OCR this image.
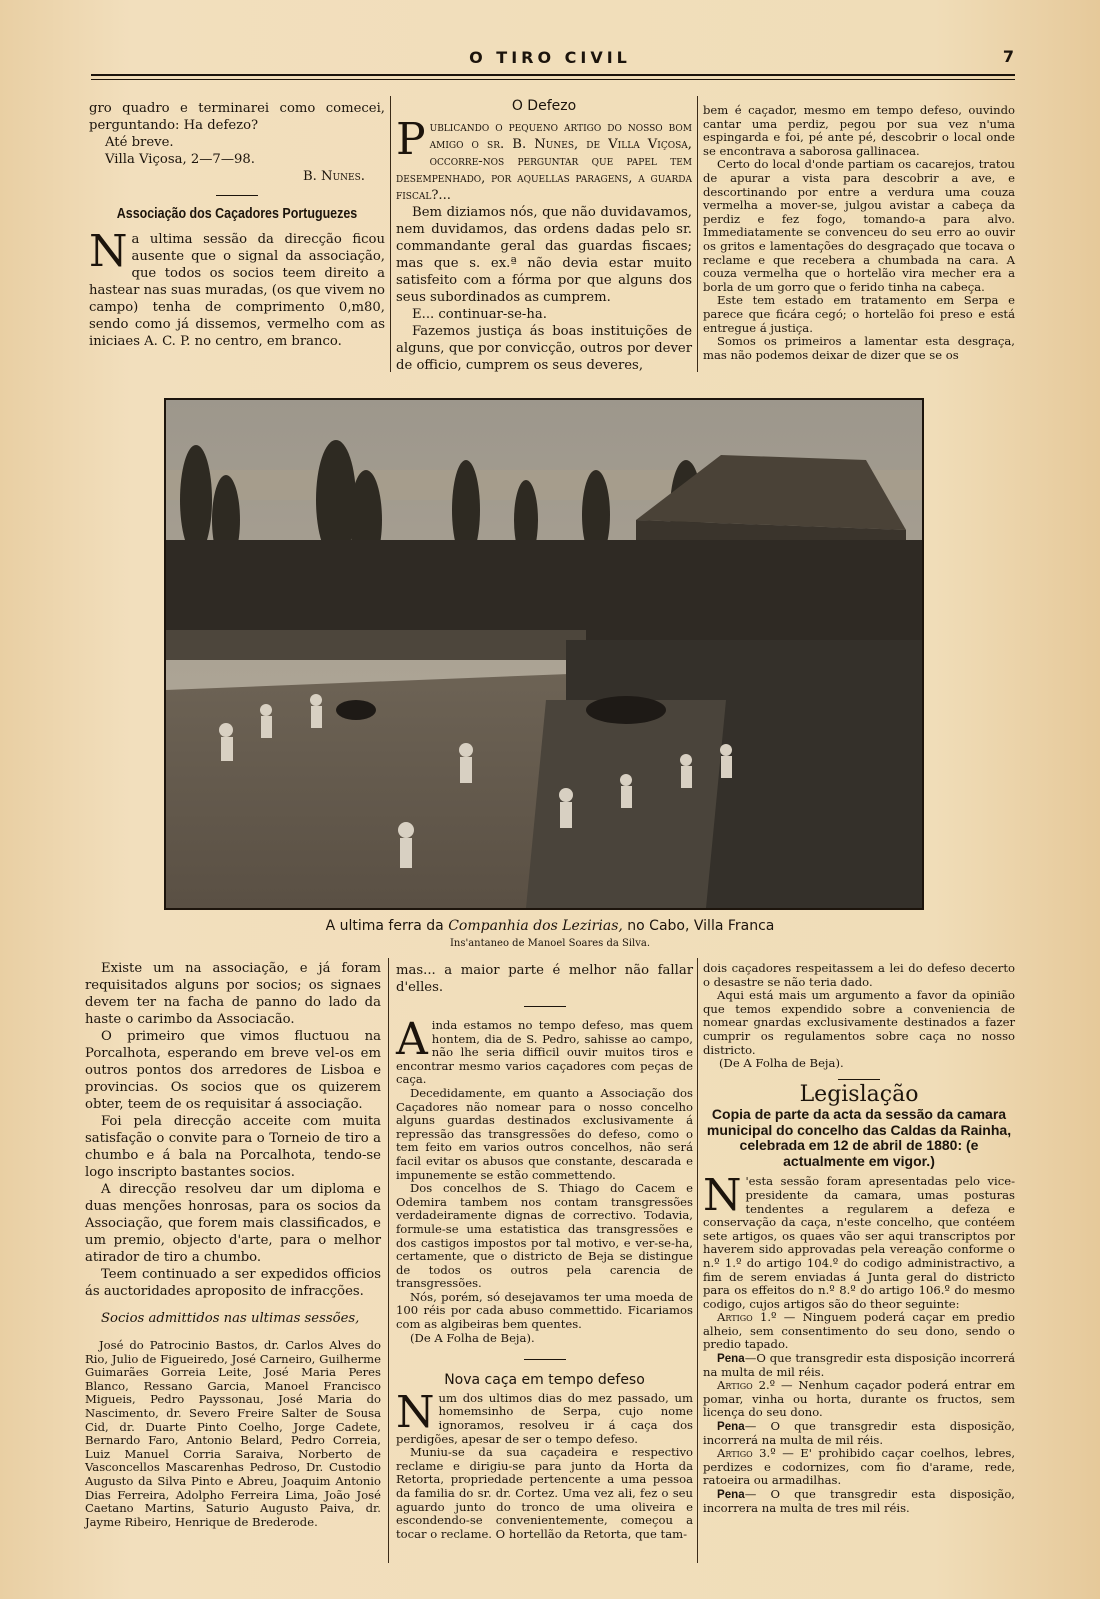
O TIRO CIVIL	7

gro quadro e terminarei como comecei, perguntando: Ha defezo?

Até breve.

Villa Viçosa, 2—7—98.

B. Nunes.
Associação dos Caçadores Portuguezes

Na ultima sessão da direcção ficou ausente que o signal da associação, que todos os socios teem direito a hastear nas suas muradas, (os que vivem no campo) tenha de comprimento 0,m80, sendo como já dissemos, vermelho com as iniciaes A. C. P. no centro, em branco.

O Defezo

Publicando o pequeno artigo do nosso bom amigo o sr. B. Nunes, de Villa Viçosa, occorre-nos perguntar que papel tem desempenhado, por aquellas paragens, a guarda fiscal?...

Bem diziamos nós, que não duvidavamos, nem duvidamos, das ordens dadas pelo sr. commandante geral das guardas fiscaes; mas que s. ex.ª não devia estar muito satisfeito com a fórma por que alguns dos seus subordinados as cumprem.

E... continuar-se-ha.

Fazemos justiça ás boas instituições de alguns, que por convicção, outros por dever de officio, cumprem os seus deveres,

bem é caçador, mesmo em tempo defeso, ouvindo cantar uma perdiz, pegou por sua vez n'uma espingarda e foi, pé ante pé, descobrir o local onde se encontrava a saborosa gallinacea.

Certo do local d'onde partiam os cacarejos, tratou de apurar a vista para descobrir a ave, e descortinando por entre a verdura uma couza vermelha a mover-se, julgou avistar a cabeça da perdiz e fez fogo, tomando-a para alvo. Immediatamente se convenceu do seu erro ao ouvir os gritos e lamentações do desgraçado que tocava o reclame e que recebera a chumbada na cara. A couza vermelha que o hortelão vira mecher era a borla de um gorro que o ferido tinha na cabeça.

Este tem estado em tratamento em Serpa e parece que ficára cegó; o hortelão foi preso e está entregue á justiça.

Somos os primeiros a lamentar esta desgraça, mas não podemos deixar de dizer que se os

A ultima ferra da Companhia dos Lezirias, no Cabo, Villa Franca
Ins'antaneo de Manoel Soares da Silva.

Existe um na associação, e já foram requisitados alguns por socios; os signaes devem ter na facha de panno do lado da haste o carimbo da Associacão.

O primeiro que vimos fluctuou na Porcalhota, esperando em breve vel-os em outros pontos dos arredores de Lisboa e provincias. Os socios que os quizerem obter, teem de os requisitar á associação.

Foi pela direcção acceite com muita satisfação o convite para o Torneio de tiro a chumbo e á bala na Porcalhota, tendo-se logo inscripto bastantes socios.

A direcção resolveu dar um diploma e duas menções honrosas, para os socios da Associação, que forem mais classificados, e um premio, objecto d'arte, para o melhor atirador de tiro a chumbo.

Teem continuado a ser expedidos officios ás auctoridades aproposito de infracções.

Socios admittidos nas ultimas sessões,

José do Patrocinio Bastos, dr. Carlos Alves do Rio, Julio de Figueiredo, José Carneiro, Guilherme Guimarães Gorreia Leite, José Maria Peres Blanco, Ressano Garcia, Manoel Francisco Migueis, Pedro Payssonau, José Maria do Nascimento, dr. Severo Freire Salter de Sousa Cid, dr. Duarte Pinto Coelho, Jorge Cadete, Bernardo Faro, Antonio Belard, Pedro Correia, Luiz Manuel Corria Saraiva, Norberto de Vasconcellos Mascarenhas Pedroso, Dr. Custodio Augusto da Silva Pinto e Abreu, Joaquim Antonio Dias Ferreira, Adolpho Ferreira Lima, João José Caetano Martins, Saturio Augusto Paiva, dr. Jayme Ribeiro, Henrique de Brederode.

mas... a maior parte é melhor não fallar d'elles.

Ainda estamos no tempo defeso, mas quem hontem, dia de S. Pedro, sahisse ao campo, não lhe seria difficil ouvir muitos tiros e encontrar mesmo varios caçadores com peças de caça.

Decedidamente, em quanto a Associação dos Caçadores não nomear para o nosso concelho alguns guardas destinados exclusivamente á repressão das transgressões do defeso, como o tem feito em varios outros concelhos, não será facil evitar os abusos que constante, descarada e impunemente se estão commettendo.

Dos concelhos de S. Thiago do Cacem e Odemira tambem nos contam transgressões verdadeiramente dignas de correctivo. Todavia, formule-se uma estatistica das transgressões e dos castigos impostos por tal motivo, e ver-se-ha, certamente, que o districto de Beja se distingue de todos os outros pela carencia de transgressões.

Nós, porém, só desejavamos ter uma moeda de 100 réis por cada abuso commettido. Ficariamos com as algibeiras bem quentes.

(De A Folha de Beja).

Nova caça em tempo defeso

Num dos ultimos dias do mez passado, um homemsinho de Serpa, cujo nome ignoramos, resolveu ir á caça dos perdigões, apesar de ser o tempo defeso.

Muniu-se da sua caçadeira e respectivo reclame e dirigiu-se para junto da Horta da Retorta, propriedade pertencente a uma pessoa da familia do sr. dr. Cortez. Uma vez ali, fez o seu aguardo junto do tronco de uma oliveira e escondendo-se convenientemente, começou a tocar o reclame. O hortellão da Retorta, que tam-

dois caçadores respeitassem a lei do defeso decerto o desastre se não teria dado.

Aqui está mais um argumento a favor da opinião que temos expendido sobre a conveniencia de nomear gnardas exclusivamente destinados a fazer cumprir os regulamentos sobre caça no nosso districto.

(De A Folha de Beja).

Legislação
Copia de parte da acta da sessão da camara municipal do concelho das Caldas da Rainha, celebrada em 12 de abril de 1880: (e actualmente em vigor.)

N 'esta sessão foram apresentadas pelo vice-presidente da camara, umas posturas tendentes a regularem a defeza e conservação da caça, n'este concelho, que contéem sete artigos, os quaes vão ser aqui transcriptos por haverem sido approvadas pela vereação conforme o n.º 1.º do artigo 104.º do codigo administractivo, a fim de serem enviadas á Junta geral do districto para os effeitos do n.º 8.º do artigo 106.º do mesmo codigo, cujos artigos são do theor seguinte:

Artigo 1.º — Ninguem poderá caçar em predio alheio, sem consentimento do seu dono, sendo o predio tapado.

Pena—O que transgredir esta disposição incorrerá na multa de mil réis.

Artigo 2.º — Nenhum caçador poderá entrar em pomar, vinha ou horta, durante os fructos, sem licença do seu dono.

Pena— O que transgredir esta disposição, incorrerá na multa de mil réis.

Artigo 3.º — E' prohibido caçar coelhos, lebres, perdizes e codornizes, com fio d'arame, rede, ratoeira ou armadilhas.

Pena— O que transgredir esta disposição, incorrera na multa de tres mil réis.
